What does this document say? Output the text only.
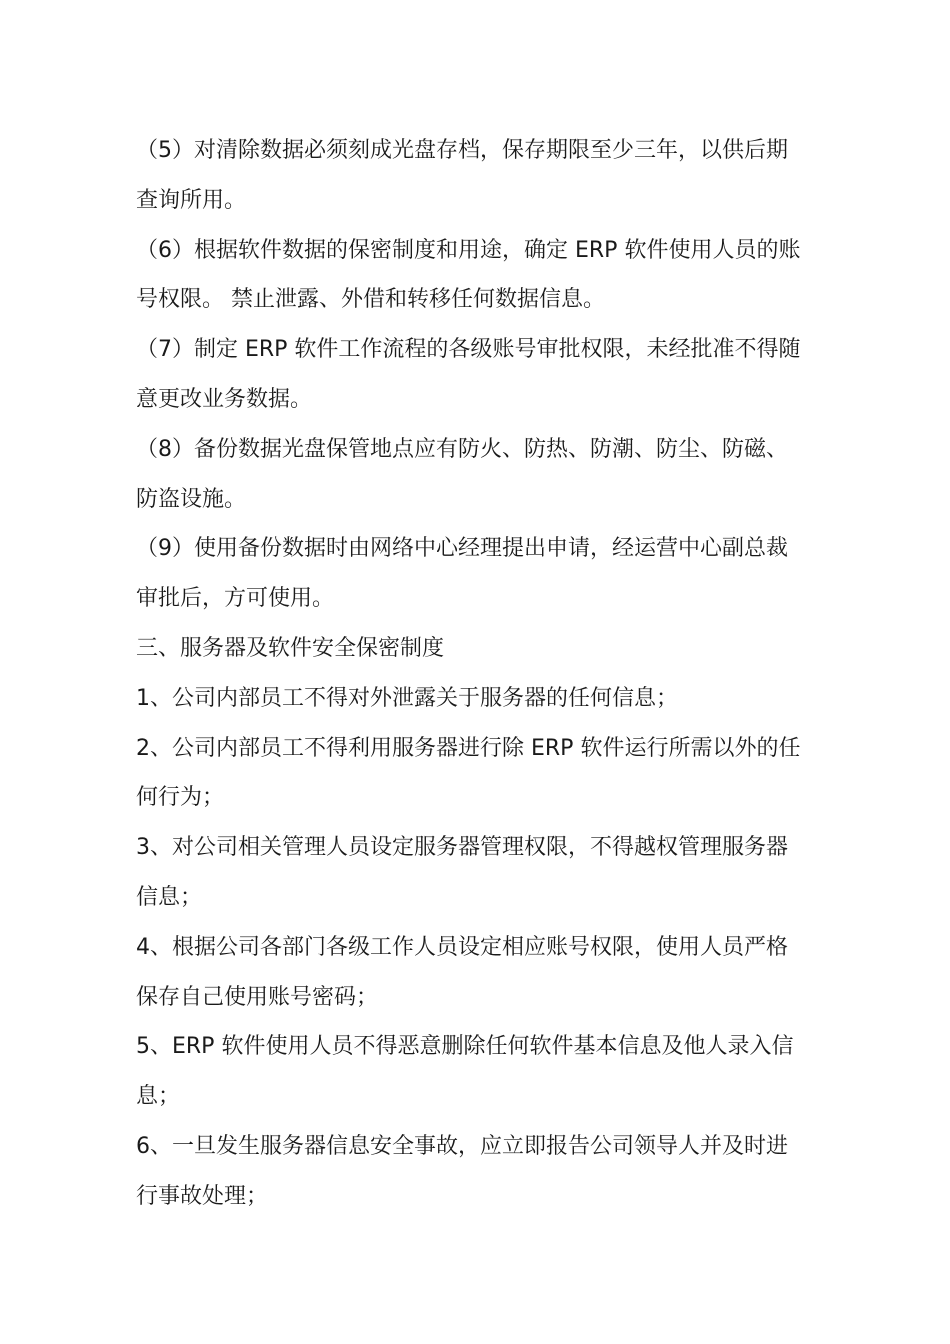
（5）对清除数据必须刻成光盘存档，保存期限至少三年，以供后期
查询所用。

（6）根据软件数据的保密制度和用途，确定 ERP 软件使用人员的账
号权限。 禁止泄露、外借和转移任何数据信息。

（7）制定 ERP 软件工作流程的各级账号审批权限，未经批准不得随
意更改业务数据。

（8）备份数据光盘保管地点应有防火、防热、防潮、防尘、防磁、
防盗设施。

（9）使用备份数据时由网络中心经理提出申请，经运营中心副总裁
审批后，方可使用。

三、服务器及软件安全保密制度

1、公司内部员工不得对外泄露关于服务器的任何信息；

2、公司内部员工不得利用服务器进行除 ERP 软件运行所需以外的任
何行为；

3、对公司相关管理人员设定服务器管理权限，不得越权管理服务器
信息；

4、根据公司各部门各级工作人员设定相应账号权限，使用人员严格
保存自己使用账号密码；

5、ERP 软件使用人员不得恶意删除任何软件基本信息及他人录入信
息；

6、一旦发生服务器信息安全事故，应立即报告公司领导人并及时进
行事故处理；
